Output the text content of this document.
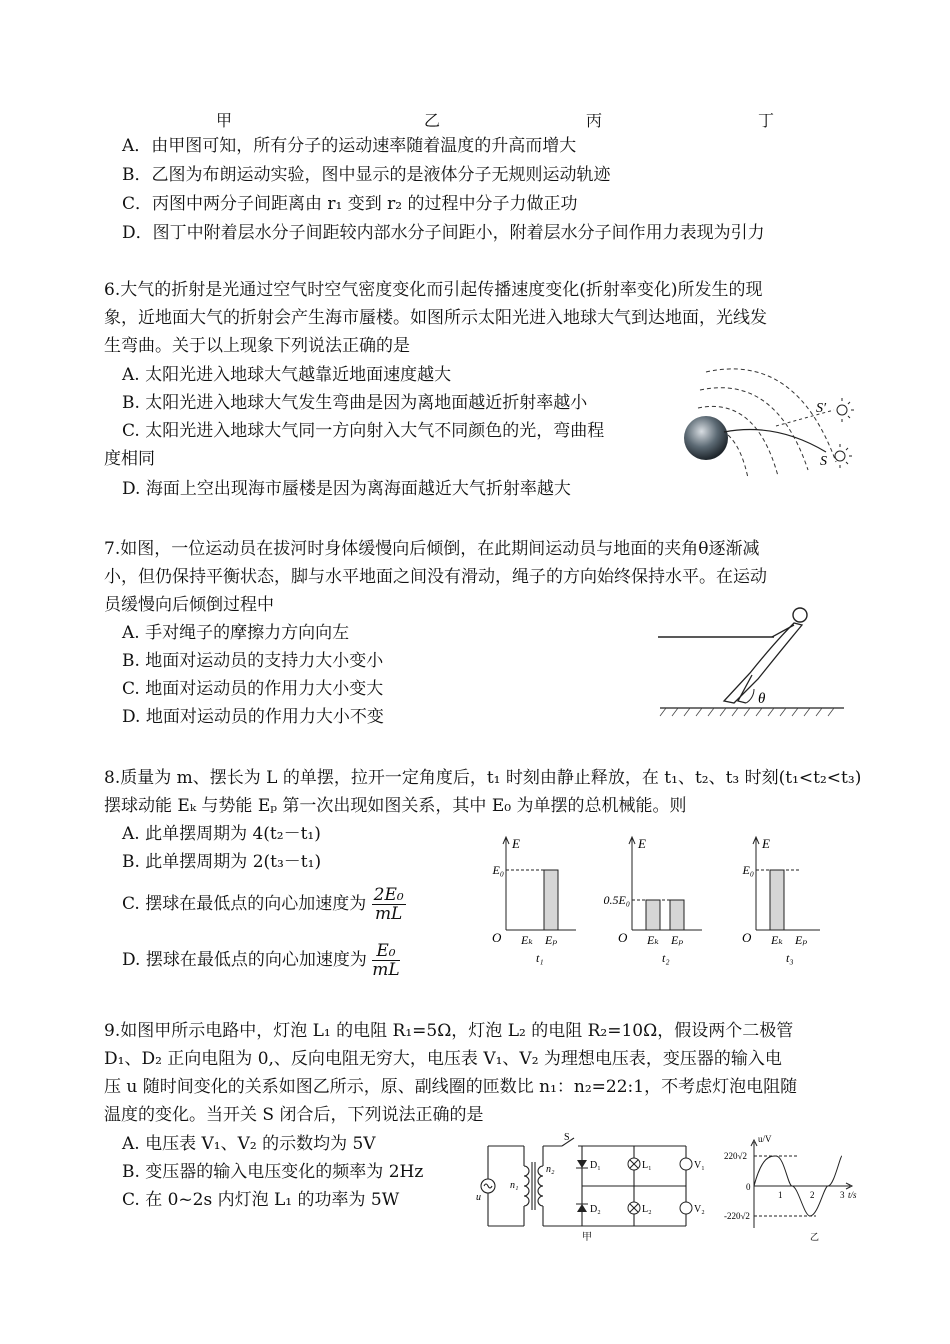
甲	乙	丙	丁
A．由甲图可知，所有分子的运动速率随着温度的升高而增大
B．乙图为布朗运动实验，图中显示的是液体分子无规则运动轨迹
C．丙图中两分子间距离由 r₁ 变到 r₂ 的过程中分子力做正功
D．图丁中附着层水分子间距较内部水分子间距小，附着层水分子间作用力表现为引力
6.大气的折射是光通过空气时空气密度变化而引起传播速度变化(折射率变化)所发生的现
象，近地面大气的折射会产生海市蜃楼。如图所示太阳光进入地球大气到达地面，光线发
生弯曲。关于以上现象下列说法正确的是
A. 太阳光进入地球大气越靠近地面速度越大
B. 太阳光进入地球大气发生弯曲是因为离地面越近折射率越小
C. 太阳光进入地球大气同一方向射入大气不同颜色的光，弯曲程
度相同
D. 海面上空出现海市蜃楼是因为离海面越近大气折射率越大
S′
S
7.如图，一位运动员在拔河时身体缓慢向后倾倒，在此期间运动员与地面的夹角θ逐渐减
小，但仍保持平衡状态，脚与水平地面之间没有滑动，绳子的方向始终保持水平。在运动
员缓慢向后倾倒过程中
A. 手对绳子的摩擦力方向向左
B. 地面对运动员的支持力大小变小
C. 地面对运动员的作用力大小变大
D. 地面对运动员的作用力大小不变
θ
8.质量为 m、摆长为 L 的单摆，拉开一定角度后，t₁ 时刻由静止释放，在 t₁、t₂、t₃ 时刻(t₁<t₂<t₃)
摆球动能 Eₖ 与势能 Eₚ 第一次出现如图关系，其中 E₀ 为单摆的总机械能。则
A. 此单摆周期为 4(t₂－t₁)
B. 此单摆周期为 2(t₃－t₁)
C. 摆球在最低点的向心加速度为 $\frac{\text{2E₀}}{mL}$
D. 摆球在最低点的向心加速度为 $\frac{\text{E₀}}{mL}$
E
O
E₀
Eₖ Eₚ
t₁
E
O
0.5E₀
Eₖ Eₚ
t₂
E
O
E₀
Eₖ Eₚ
t₃
9.如图甲所示电路中，灯泡 L₁ 的电阻 R₁=5Ω，灯泡 L₂ 的电阻 R₂=10Ω，假设两个二极管
D₁、D₂ 正向电阻为 0,、反向电阻无穷大，电压表 V₁、V₂ 为理想电压表，变压器的输入电
压 u 随时间变化的关系如图乙所示，原、副线圈的匝数比 n₁：n₂=22:1，不考虑灯泡电阻随
温度的变化。当开关 S 闭合后，下列说法正确的是
A. 电压表 V₁、V₂ 的示数均为 5V
B. 变压器的输入电压变化的频率为 2Hz
C. 在 0~2s 内灯泡 L₁ 的功率为 5W	u
n₁
n₂
S
D₁
D₂
L₁
L₂
V₁
V₂
甲
u/V
220√2
-220√2
0
1	2	3 t/s
乙
